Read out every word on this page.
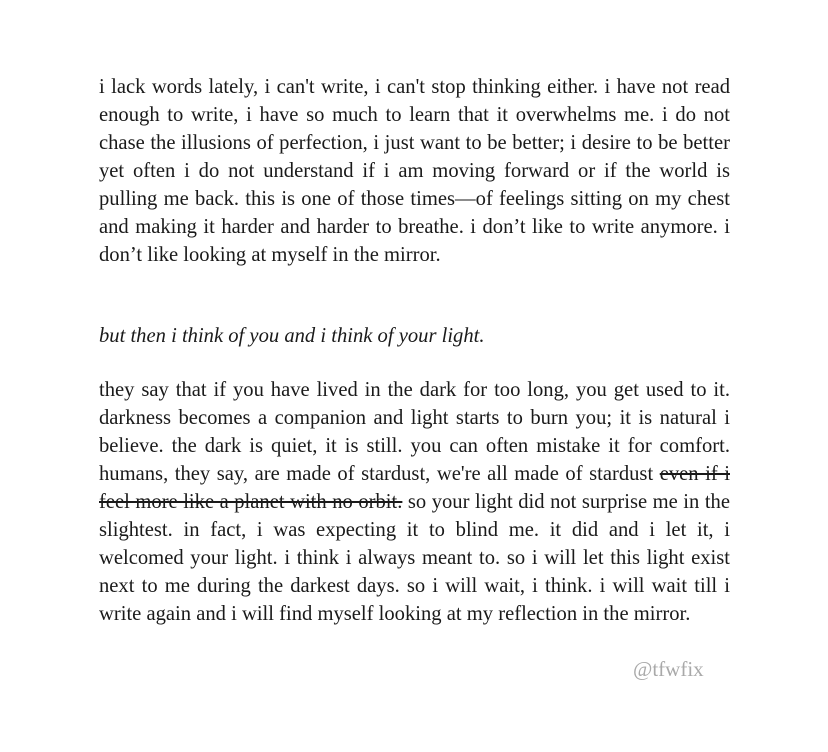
i lack words lately, i can't write, i can't stop thinking either. i have not read enough to write, i have so much to learn that it overwhelms me. i do not chase the illusions of perfection, i just want to be better; i desire to be better yet often i do not understand if i am moving forward or if the world is pulling me back. this is one of those times—of feelings sitting on my chest and making it harder and harder to breathe. i don’t like to write anymore. i don’t like looking at myself in the mirror.

but then i think of you and i think of your light.

they say that if you have lived in the dark for too long, you get used to it. darkness becomes a companion and light starts to burn you; it is natural i believe. the dark is quiet, it is still. you can often mistake it for comfort. humans, they say, are made of stardust, we're all made of stardust even if i feel more like a planet with no orbit. so your light did not surprise me in the slightest. in fact, i was expecting it to blind me. it did and i let it, i welcomed your light. i think i always meant to. so i will let this light exist next to me during the darkest days. so i will wait, i think. i will wait till i write again and i will find myself looking at my reflection in the mirror.

@tfwfix
